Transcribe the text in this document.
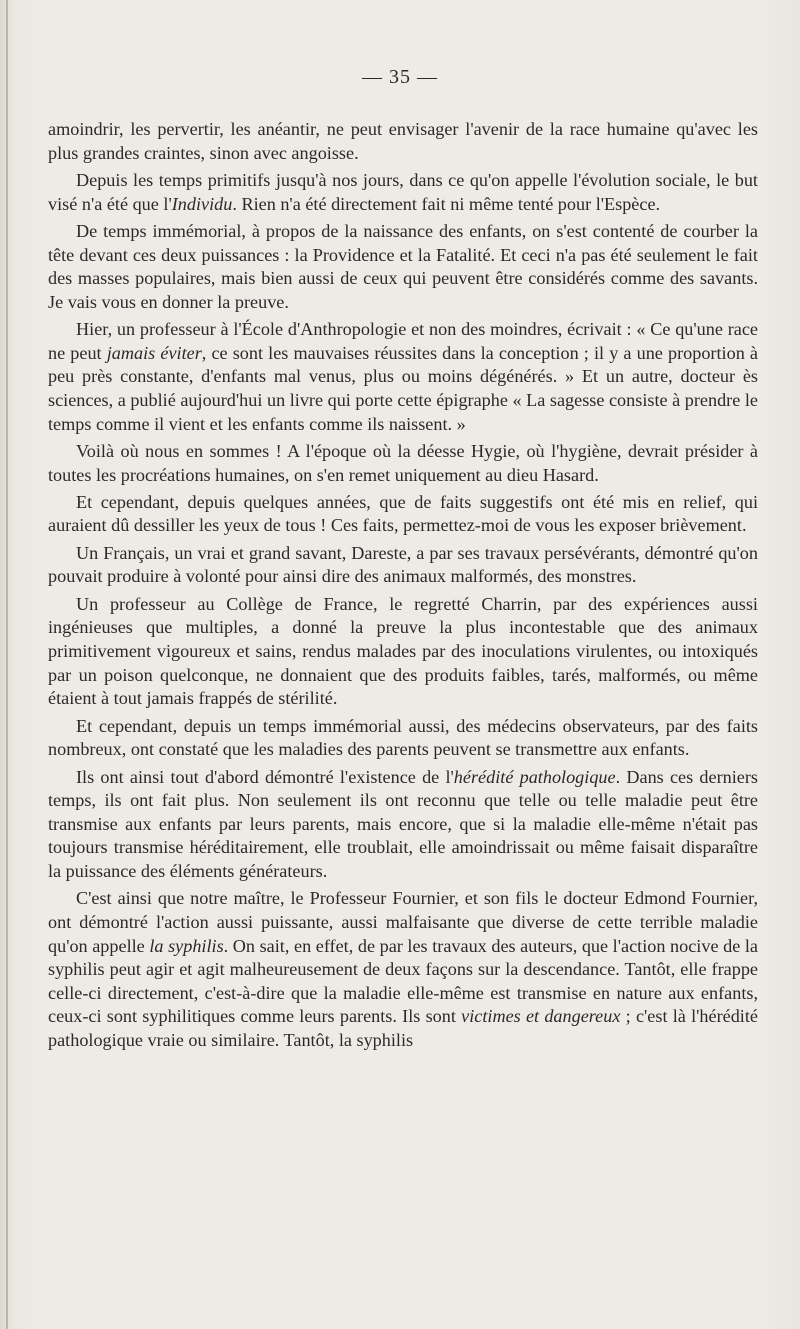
— 35 —

amoindrir, les pervertir, les anéantir, ne peut envisager l'avenir de la race humaine qu'avec les plus grandes craintes, sinon avec angoisse.

Depuis les temps primitifs jusqu'à nos jours, dans ce qu'on appelle l'évolution sociale, le but visé n'a été que l'Individu. Rien n'a été directement fait ni même tenté pour l'Espèce.

De temps immémorial, à propos de la naissance des enfants, on s'est contenté de courber la tête devant ces deux puissances : la Providence et la Fatalité. Et ceci n'a pas été seulement le fait des masses populaires, mais bien aussi de ceux qui peuvent être considérés comme des savants. Je vais vous en donner la preuve.

Hier, un professeur à l'École d'Anthropologie et non des moindres, écrivait : « Ce qu'une race ne peut jamais éviter, ce sont les mauvaises réussites dans la conception ; il y a une proportion à peu près constante, d'enfants mal venus, plus ou moins dégénérés. » Et un autre, docteur ès sciences, a publié aujourd'hui un livre qui porte cette épigraphe « La sagesse consiste à prendre le temps comme il vient et les enfants comme ils naissent. »

Voilà où nous en sommes ! A l'époque où la déesse Hygie, où l'hygiène, devrait présider à toutes les procréations humaines, on s'en remet uniquement au dieu Hasard.

Et cependant, depuis quelques années, que de faits suggestifs ont été mis en relief, qui auraient dû dessiller les yeux de tous ! Ces faits, permettez-moi de vous les exposer brièvement.

Un Français, un vrai et grand savant, Dareste, a par ses travaux persévérants, démontré qu'on pouvait produire à volonté pour ainsi dire des animaux malformés, des monstres.

Un professeur au Collège de France, le regretté Charrin, par des expériences aussi ingénieuses que multiples, a donné la preuve la plus incontestable que des animaux primitivement vigoureux et sains, rendus malades par des inoculations virulentes, ou intoxiqués par un poison quelconque, ne donnaient que des produits faibles, tarés, malformés, ou même étaient à tout jamais frappés de stérilité.

Et cependant, depuis un temps immémorial aussi, des médecins observateurs, par des faits nombreux, ont constaté que les maladies des parents peuvent se transmettre aux enfants.

Ils ont ainsi tout d'abord démontré l'existence de l'hérédité pathologique. Dans ces derniers temps, ils ont fait plus. Non seulement ils ont reconnu que telle ou telle maladie peut être transmise aux enfants par leurs parents, mais encore, que si la maladie elle-même n'était pas toujours transmise héréditairement, elle troublait, elle amoindrissait ou même faisait disparaître la puissance des éléments générateurs.

C'est ainsi que notre maître, le Professeur Fournier, et son fils le docteur Edmond Fournier, ont démontré l'action aussi puissante, aussi malfaisante que diverse de cette terrible maladie qu'on appelle la syphilis. On sait, en effet, de par les travaux des auteurs, que l'action nocive de la syphilis peut agir et agit malheureusement de deux façons sur la descendance. Tantôt, elle frappe celle-ci directement, c'est-à-dire que la maladie elle-même est transmise en nature aux enfants, ceux-ci sont syphilitiques comme leurs parents. Ils sont victimes et dangereux ; c'est là l'hérédité pathologique vraie ou similaire. Tantôt, la syphilis
